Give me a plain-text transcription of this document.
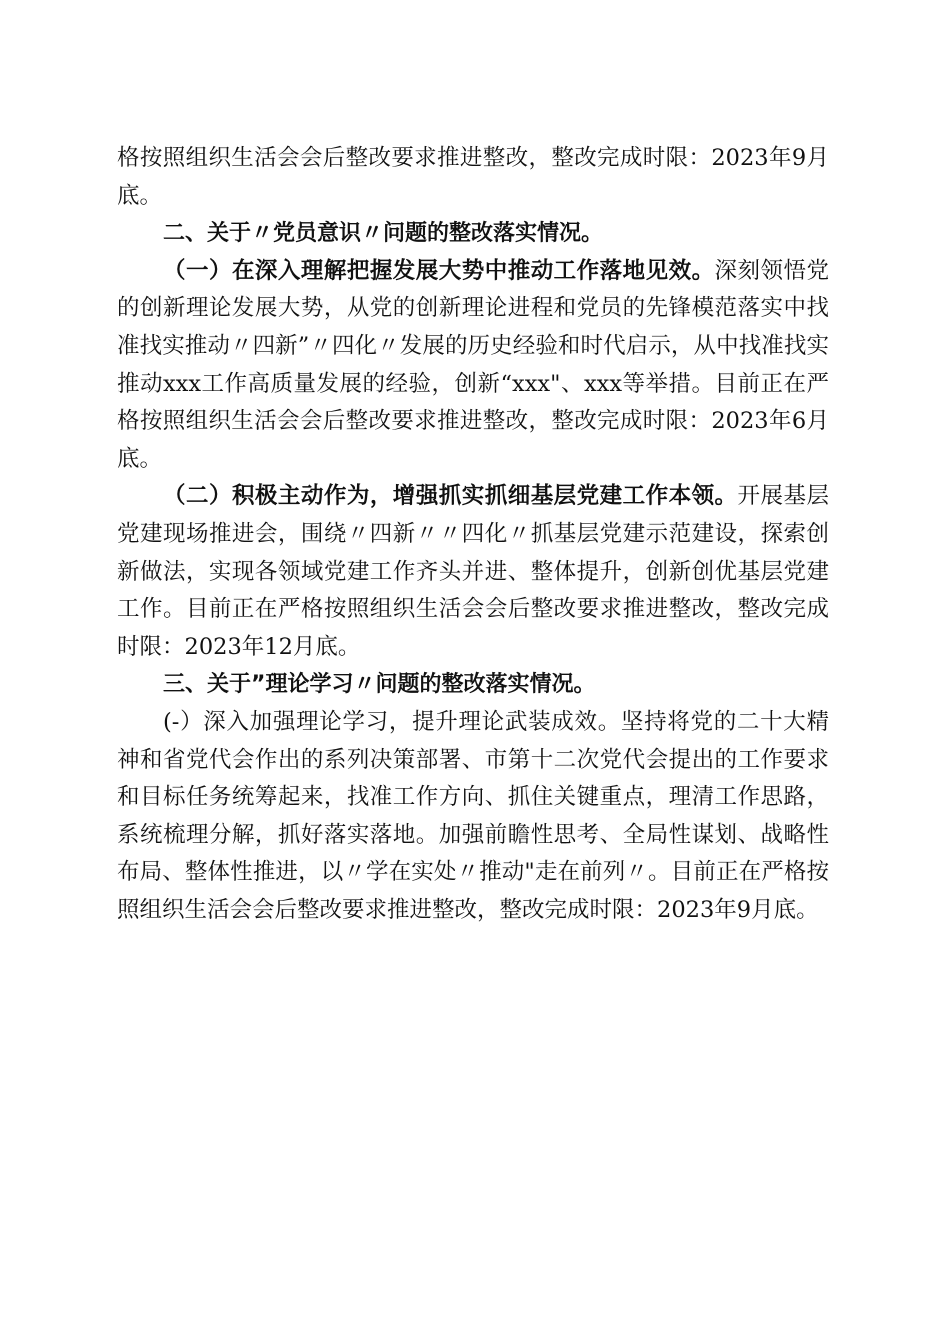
格按照组织生活会会后整改要求推进整改，整改完成时限：2023年9月底。

二、关于〃党员意识〃问题的整改落实情况。

（一）在深入理解把握发展大势中推动工作落地见效。深刻领悟党的创新理论发展大势，从党的创新理论进程和党员的先锋模范落实中找准找实推动〃四新”〃四化〃发展的历史经验和时代启示，从中找准找实推动xxx工作高质量发展的经验，创新“xxx"、xxx等举措。目前正在严格按照组织生活会会后整改要求推进整改，整改完成时限：2023年6月底。

（二）积极主动作为，增强抓实抓细基层党建工作本领。开展基层党建现场推进会，围绕〃四新〃〃四化〃抓基层党建示范建设，探索创新做法，实现各领域党建工作齐头并进、整体提升，创新创优基层党建工作。目前正在严格按照组织生活会会后整改要求推进整改，整改完成时限：2023年12月底。

三、关于”理论学习〃问题的整改落实情况。

(-）深入加强理论学习，提升理论武装成效。坚持将党的二十大精神和省党代会作出的系列决策部署、市第十二次党代会提出的工作要求和目标任务统筹起来，找准工作方向、抓住关键重点，理清工作思路，系统梳理分解，抓好落实落地。加强前瞻性思考、全局性谋划、战略性布局、整体性推进，以〃学在实处〃推动"走在前列〃。目前正在严格按照组织生活会会后整改要求推进整改，整改完成时限：2023年9月底。
